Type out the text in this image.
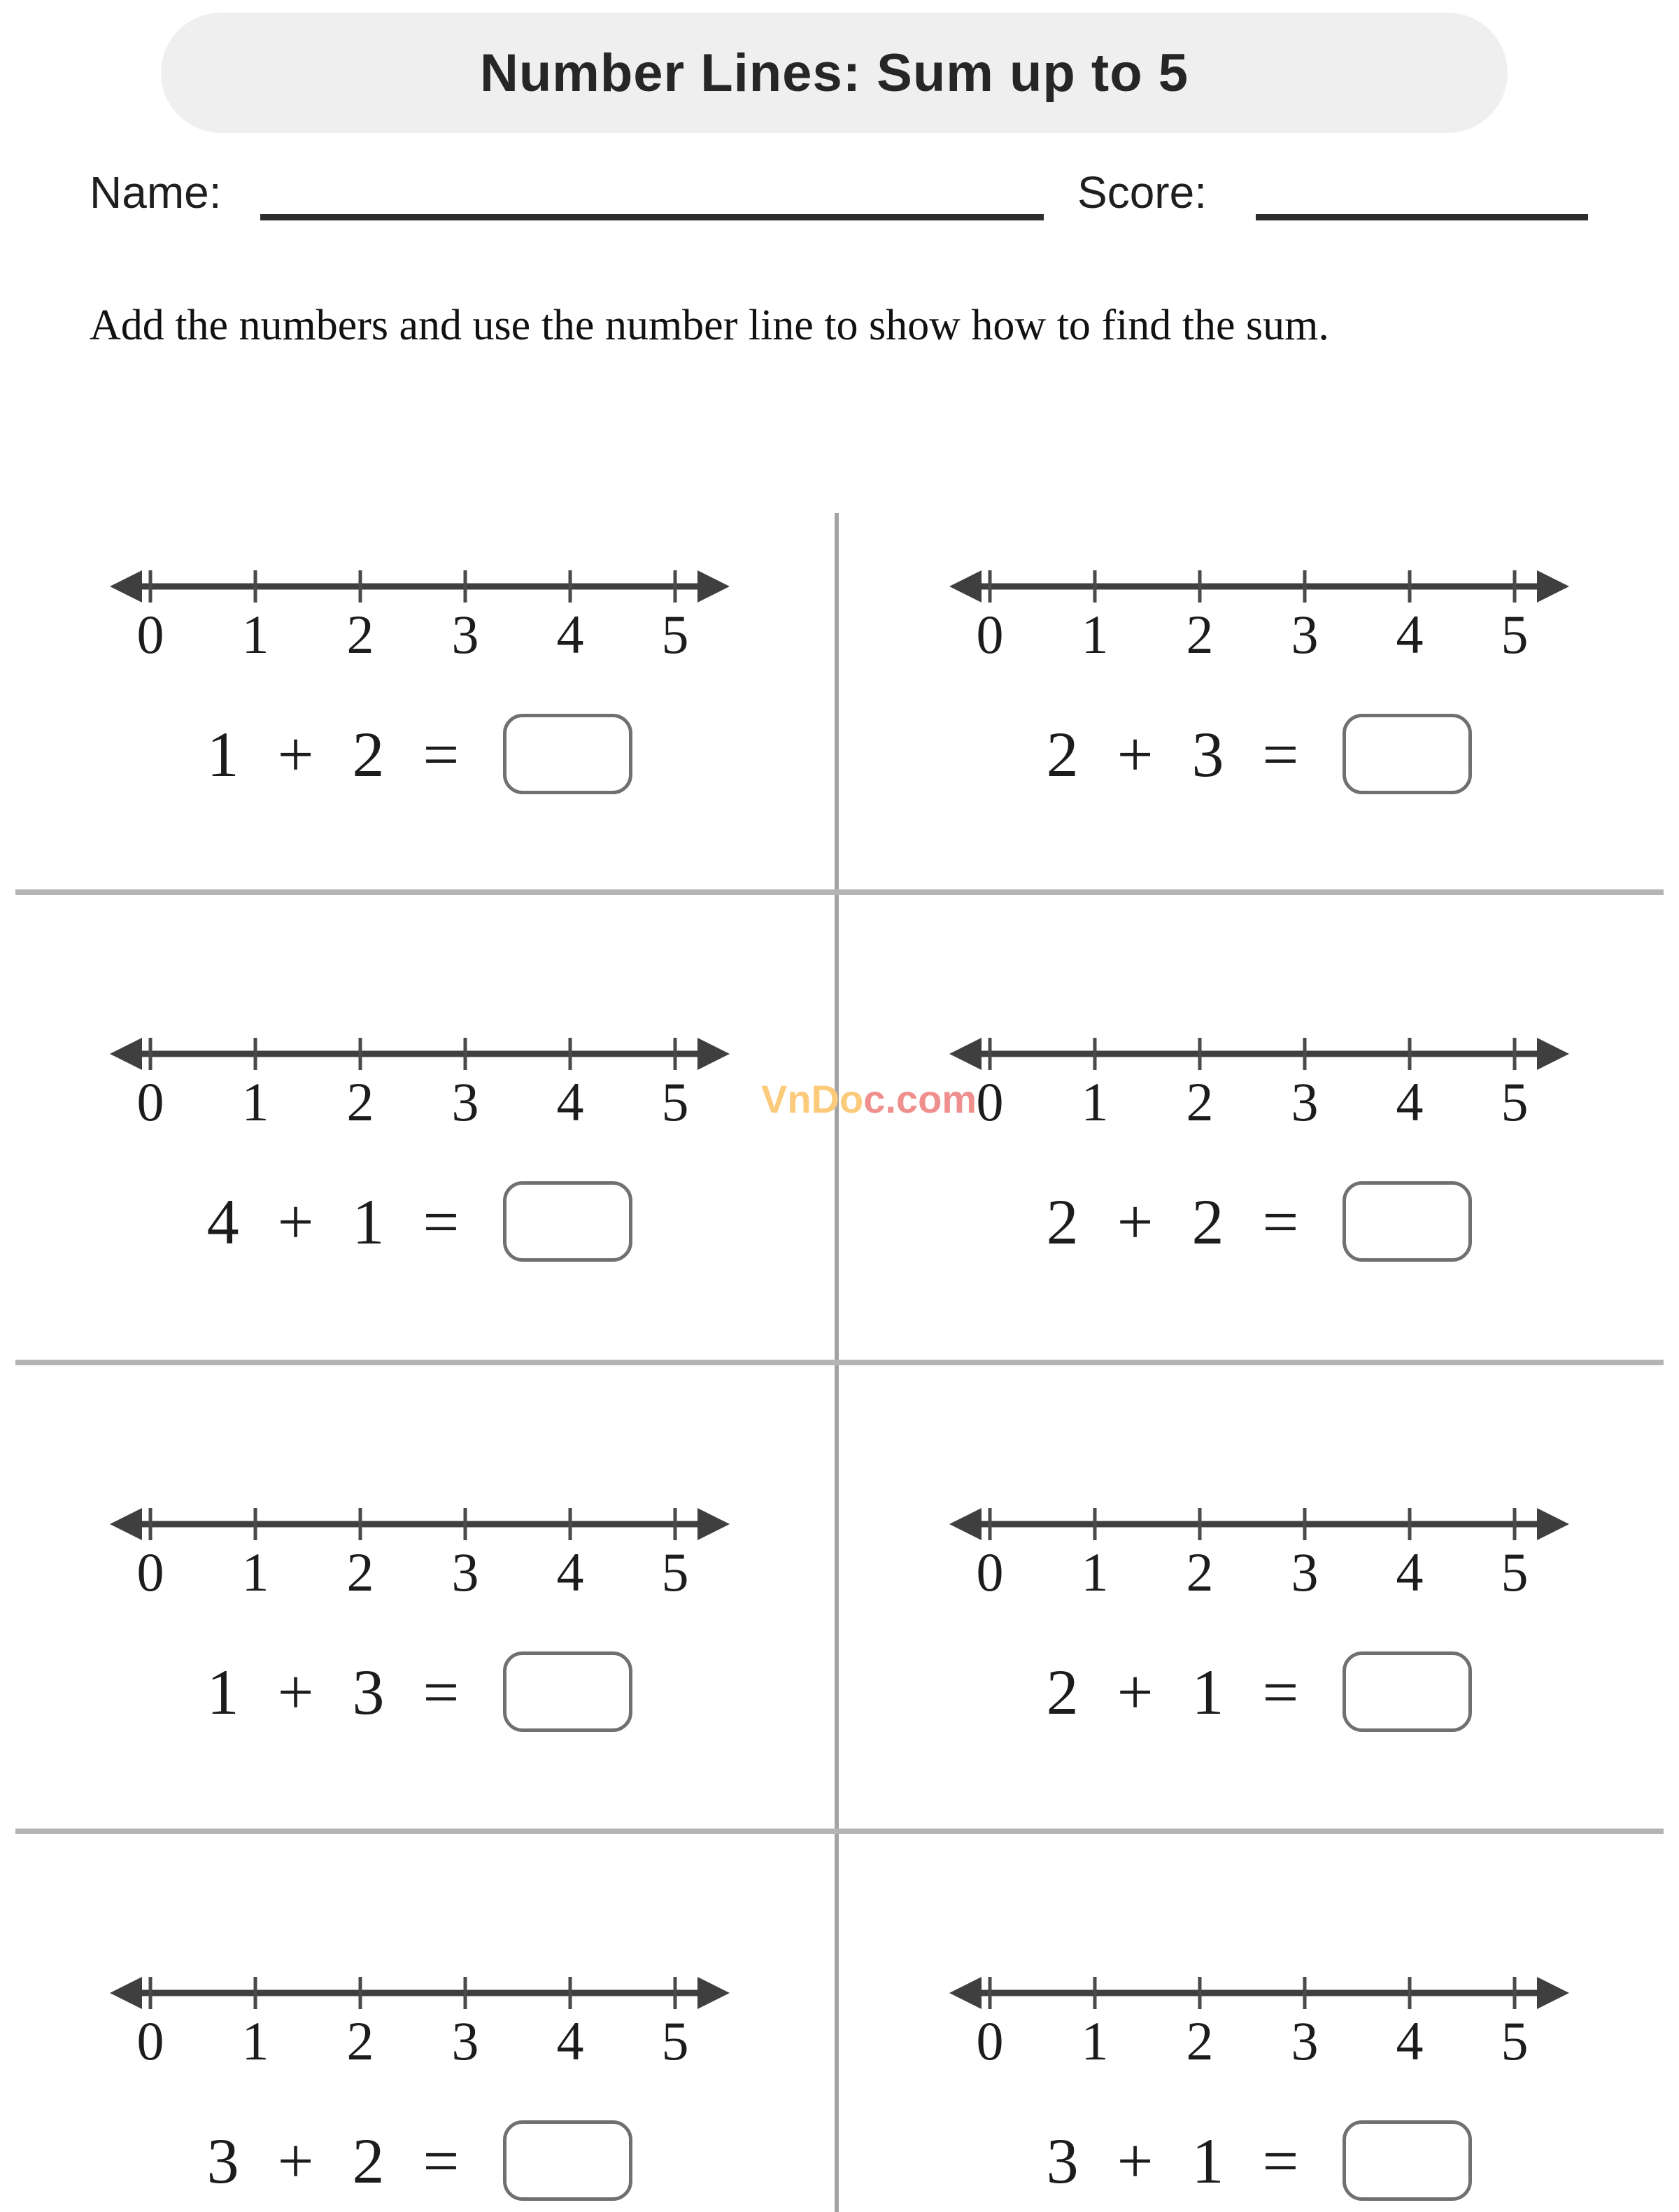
Number Lines: Sum up to 5
Name:	Score:
Add the numbers and use the number line to show how to find the sum.
VnDoc.com
0 1 2 3 4 5
1 + 2 =
0 1 2 3 4 5
2 + 3 =
0 1 2 3 4 5
4 + 1 =
0 1 2 3 4 5
2 + 2 =
0 1 2 3 4 5
1 + 3 =
0 1 2 3 4 5
2 + 1 =
0 1 2 3 4 5
3 + 2 =
0 1 2 3 4 5
3 + 1 =
